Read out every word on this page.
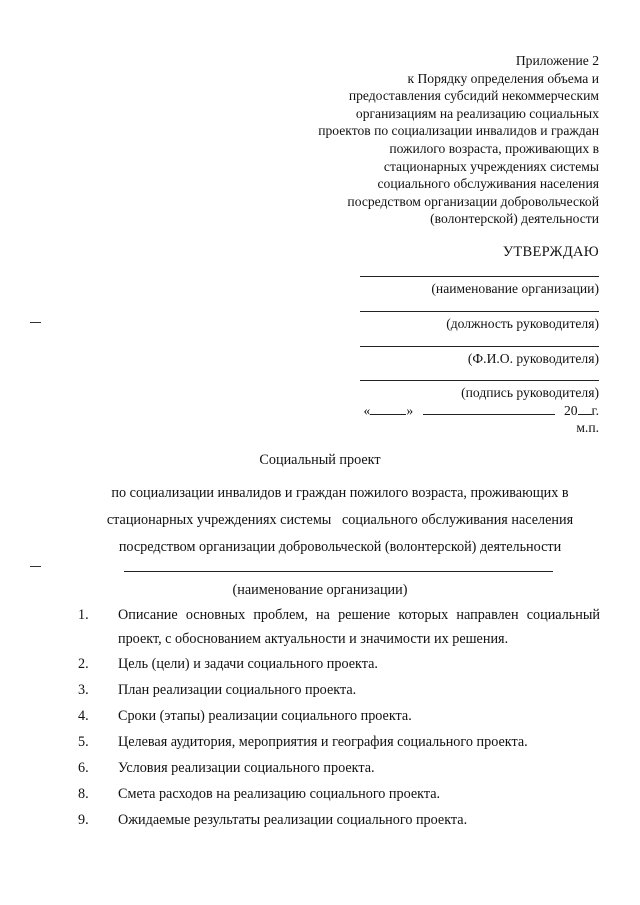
Приложение 2
к Порядку определения объема и
предоставления субсидий некоммерческим
организациям на реализацию социальных
проектов по социализации инвалидов и граждан
пожилого возраста, проживающих в
стационарных учреждениях системы
социального обслуживания населения
посредством организации добровольческой
(волонтерской) деятельности
УТВЕРЖДАЮ
(наименование организации)
(должность руководителя)
(Ф.И.О. руководителя)
(подпись руководителя)
«	»	20 г.
м.п.
Социальный проект
по социализации инвалидов и граждан пожилого возраста, проживающих в
стационарных учреждениях системы   социального обслуживания населения
посредством организации добровольческой (волонтерской) деятельности
(наименование организации)
1. Описание основных проблем, на решение которых направлен социальный проект, с обоснованием актуальности и значимости их решения.
2. Цель (цели) и задачи социального проекта.
3. План реализации социального проекта.
4. Сроки (этапы) реализации социального проекта.
5. Целевая аудитория, мероприятия и география социального проекта.
6. Условия реализации социального проекта.
8. Смета расходов на реализацию социального проекта.
9. Ожидаемые результаты реализации социального проекта.
